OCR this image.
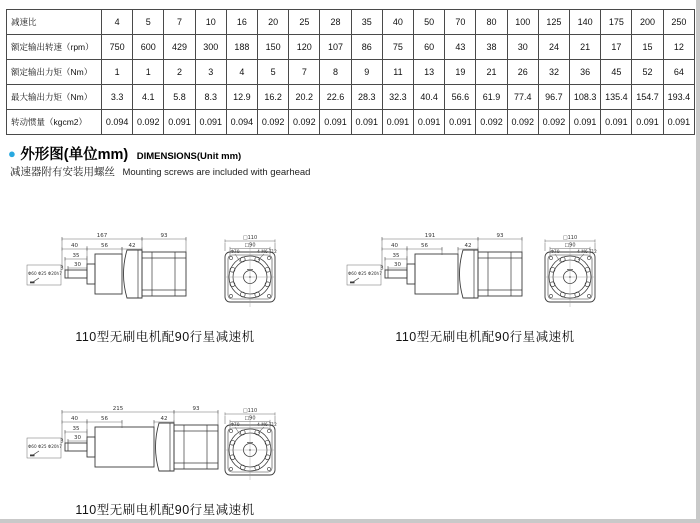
减速比	4	5	7	10	16	20	25	28	35	40	50	70	80	100	125	140	175	200	250
额定输出转速（rpm）	750	600	429	300	188	150	120	107	86	75	60	43	38	30	24	21	17	15	12
额定输出力矩（Nm）	1	1	2	3	4	5	7	8	9	11	13	19	21	26	32	36	45	52	64
最大输出力矩（Nm）	3.3	4.1	5.8	8.3	12.9	16.2	20.2	22.6	28.3	32.3	40.4	56.6	61.9	77.4	96.7	108.3	135.4	154.7	193.4
转动惯量（kgcm2）	0.094	0.092	0.091	0.091	0.094	0.092	0.092	0.091	0.091	0.091	0.091	0.091	0.092	0.092	0.092	0.091	0.091	0.091	0.091
● 外形图(单位mm) DIMENSIONS(Unit mm)
减速器附有安装用螺丝 Mounting screws are included with gearhead
167	93
40	56	42
35
30
3
Φ60 Φ25 Φ20h7
□110
□90
Φ70	4-M6 T12
110型无刷电机配90行星减速机
191	93
40	56	42
35
30
3
Φ60 Φ25 Φ20h7
□110
□90
Φ70	4-M6 T12
110型无刷电机配90行星减速机
215	93
40	56	42
35
30
3
Φ60 Φ25 Φ20h7
□110
□90
Φ70	4-M6 T12
110型无刷电机配90行星减速机
